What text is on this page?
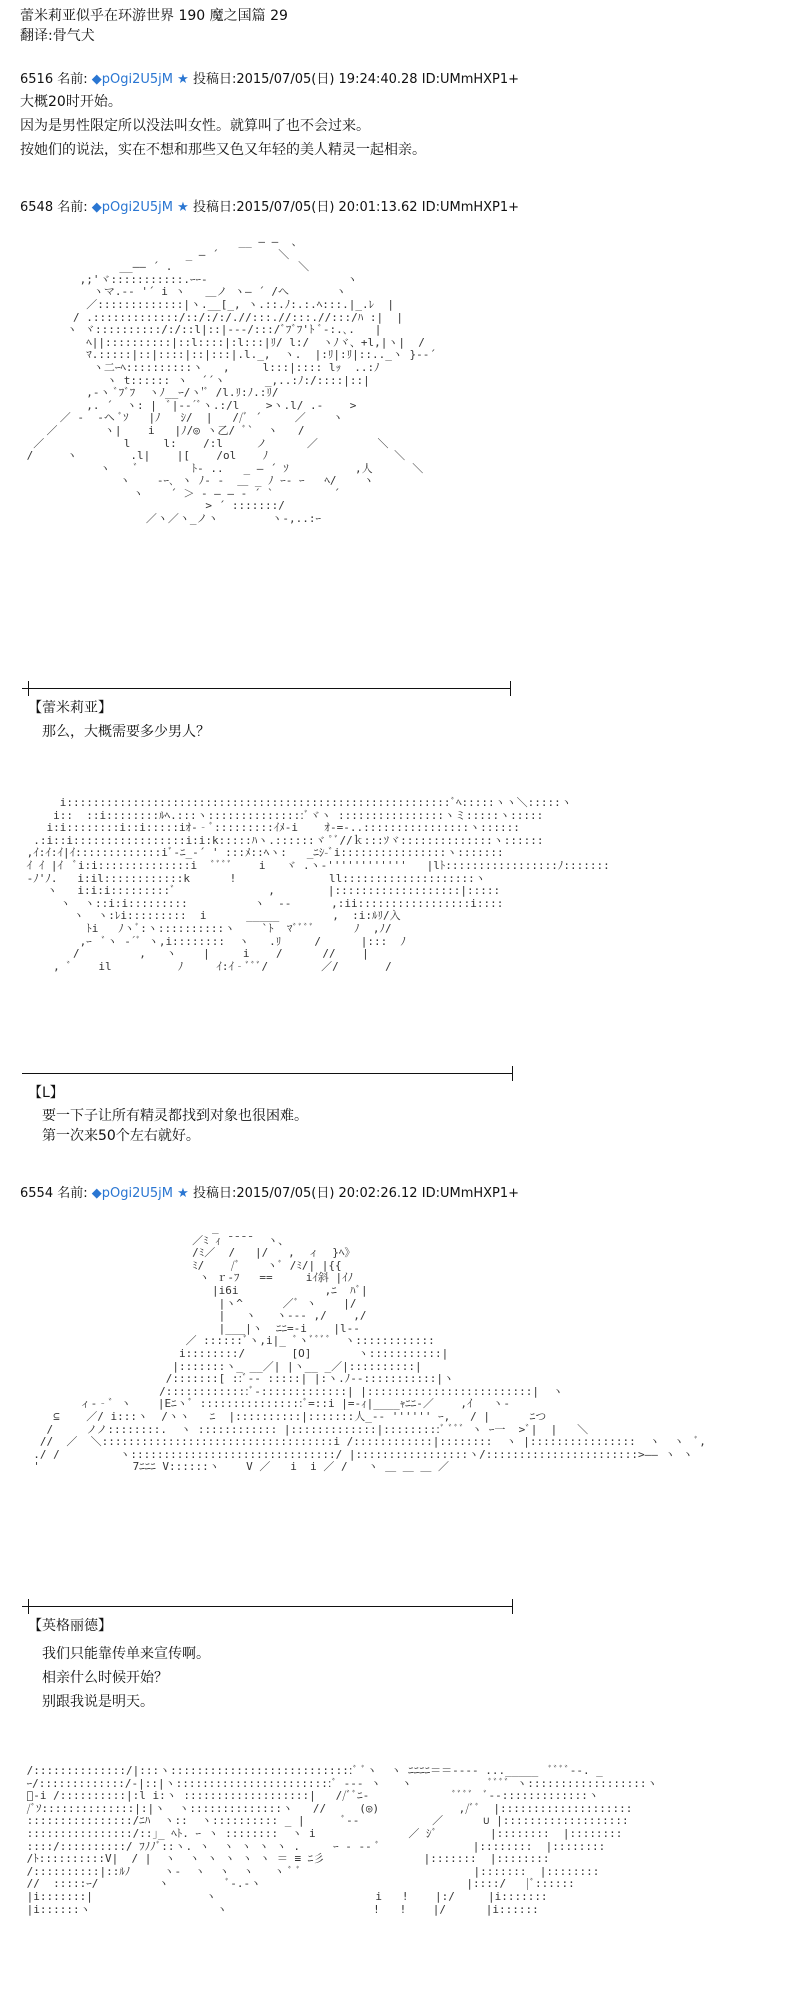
蕾米莉亚似乎在环游世界 190 魔之国篇 29
翻译:骨气犬
6516 名前: ◆pOgi2U5jM ★ 投稿日:2015/07/05(日) 19:24:40.28 ID:UMmHXP1+
大概20时开始。
因为是男性限定所以没法叫女性。就算叫了也不会过来。
按她们的说法，实在不想和那些又色又年轻的美人精灵一起相亲。
6548 名前: ◆pOgi2U5jM ★ 投稿日:2015/07/05(日) 20:01:13.62 ID:UMmHXP1+
__ ― ―  、
_ ― ´         ＼
__―― ´ .                   ＼
,;'ヾ:::::::::::.ｰｰ-                     ヽ
ヽマ.-‐ '´ i ヽ   ＿ノ ヽ― ´ /へ       ヽ
／:::::::::::::|ヽ.__[_, ヽ.::.ﾉ:.:.ﾍ:::.|_.ﾚ  |
/ .:::::::::::::/::/:/:/.//:::.//:::.//:::/ﾊ :|  |
ヽ ヾ::::::::::/:/::l|::|-‐-/:::/ﾞﾌﾞﾌ'ﾄ ﾞ-:.､.   |
ﾍ||::::::::::|::l::::|:l:::|ﾘ/ l:/  ヽﾉヾ、+l,|ヽ|  /
ﾏ.:::::|::|::::|::|:::|.l._,  ヽ.  |:ﾘ|:ﾘ|::.._ヽ }-‐´
ヽ二ｰﾍ::::::::::ヽ   ,     l:::|:::: lｯ  ..:ﾉ
ヽ t:::::: ヽ  ´´ヽ      _,..:ﾉ:/::::|::|
,‐ヽ ﾞﾌﾞﾌ  ヽﾉ__ｰ/ヽ'ﾞ /l.ﾘ:ﾉ.:ﾘ/
,. ´  ヽ: |  ﾞ|-‐´ﾞヽ.:/l    >ヽ.l/ .-    >
／ ‐  ‐ヘ ﾞｿ   |ﾉ   ｼ/  |   //ﾞ ´     ／    ヽ
／       ヽ|    i   |ﾉ/◎ ヽ乙/ ﾞ`  ヽ   /
／            l     l:    /:l     ノ      ／         ＼
/     ヽ        .l|    |[    /ol    ﾉ                   ＼
ヽ    ﾞ        ﾄ- ..   _ ― ´ ｿ          ,人      ＼
ヽ    -ｰ､ ヽ ﾉ- -  ＿ _ ﾉ ｰ‐ ｰ   ﾍ/    ヽ
ヽ    ´ ＞ ‐ ― ― ‐ ´ `         ´
> ´ :::::::/
／ヽ／ヽ_ノヽ        ヽ-,..:ｰ

【蕾米莉亚】
那么，大概需要多少男人？
i::::::::::::::::::::::::::::::::::::::::::::::::::::::::::ﾞﾍ:::::ヽヽ＼:::::ヽ
i::  ::i::::::::ﾙﾍ.:::ヽ:::::::::::::::ﾞヾヽ ::::::::::::::::ヽミ:::::ヽ:::::
i:i::::::::i::i:::::iｵ-‐ﾞ:::::::::ｲﾒ-i    ｵ-=-..::::::::::::::::ヽ::::::
.:i::i:::::::::::::::::i:i:k:::::ﾊヽ.::::::ヾ ﾟﾞ//ｋ:::ｿヾ::::::::::::::ヽ::::::
,ｲ:ｲ:ｲ|ｲ:::::::::::::iﾞ‐ﾆ_‐´ ' :::ﾒ::ﾍヽ:   _ﾆｼ-ﾞi::::::::::::::::ヽ:::::::
ｲ ｲ |ｲ  ﾞi:i::::::::::::::i  ﾞﾞﾞﾞ    i   ヾ .ヽ-''''''''''''   |lﾄ:::::::::::::::::ﾉ:::::::
‐ﾉ'ﾉ.   i:il::::::::::::k      !              ll::::::::::::::::::::ヽ
ヽ   i:i:i:::::::::ﾞ              ,        |:::::::::::::::::::|:::::
ヽ  ヽ::i:i:::::::::          ヽ  ‐-      ,:ii:::::::::::::::::i::::
ヽ  ヽ:ﾚi:::::::::  i      _____        ,  :i:ﾙﾘ/入
ﾄi   ﾉヽﾞ:ヽ::::::::::ヽ    `ﾄ  ﾏﾞﾞﾞﾞ      ﾉ  ,ﾉ/
,ｰ  ﾞヽ ‐´ﾞ ヽ,i::::::::  ヽ   .ﾘ     /      |:::  ﾉ
/         ,   ヽ    |     i    /      //    |
, ﾞ    il          ﾉ     ｲ:ｲ‐ﾞﾞﾞ/        ／/       /

【L】
要一下子让所有精灵都找到对象也很困难。
第一次来50个左右就好。
6554 名前: ◆pOgi2U5jM ★ 投稿日:2015/07/05(日) 20:02:26.12 ID:UMmHXP1+
_
／ﾐ ｨ ̄ ̄ ̄ ̄   ヽ、
/ﾐ／  /   |/   ,  ィ  }ﾍ》
ﾐ/    /ﾞ    ヽﾞ /ﾐ/| |{{
ヽ ｒ-ﾌ   ==     iｲ斜 |ｲﾉ
|i6i             ,ﾆ  ﾊﾞ|
|ヽ^      ／ﾞ ヽ    |/
|   ヽ   ヽ‐-‐ ,/    ,/
|___|ヽ  ﾆﾆ=-i    |l-‐
／ ::::::ﾞヽ,i|_ ﾞヽﾞﾞﾞﾞ  ヽ::::::::::::
i::::::::/       [O]       ヽ:::::::::::|
|:::::::ヽ_ __／| |ヽ__ _／|::::::::::|
/:::::::[ ::ﾞ-‐ :::::| |:ヽ.ﾉ-‐:::::::::::|ヽ
/:::::::::::::ﾞ‐:::::::::::::| |:::::::::::::::::::::::::|  ヽ
ィ-‐ﾞ ヽ    |Eﾆヽﾞ ::::::::::::::::ﾞ=::i |=-ｨ|____ｬﾆﾆ-／    ,ｲ   ヽ‐
⊆    ／/ i:::ヽ  /ヽヽ   ﾆ  |::::::::::|:::::::人_‐‐ '''''' ｰ,   / |      ﾆつ
/     ノノ::::::::.  ヽ :::::::::::: |:::::::::::::|:::::::::ﾞ ﾞﾞﾞ ヽ ｰ一  >ﾞ|  |   ＼
//  ／  ＼:::::::::::::::::::::::::::::::::::i /::::::::::::|::::::::  ヽ |::::::::::::::::  ヽ  ヽ  ﾞ,
./ /         ヽ:::::::::::::::::::::::::::::::/ |:::::::::::::::::ヽ/:::::::::::::::::::::::>―― ヽ ヽ
'              7ﾆﾆﾆ V::::::ヽ    V ／   i  i ／ /   ヽ ＿ ＿ ＿ ／

【英格丽德】
我们只能靠传单来宣传啊。
相亲什么时候开始？
别跟我说是明天。
/::::::::::::::/|:::ヽ::::::::::::::::::::::::::::ﾞ ﾞヽ  ヽ ﾆﾆﾆﾆ＝＝‐‐‐‐ ..._____  ﾞﾞﾞﾞ‐-. _
ｰ/:::::::::::::/-|::|ヽ::::::::::::::::::::::::ﾞ ‐‐- ヽ   ヽ            ﾞﾞﾞﾞ ヽ::::::::::::::::::ヽ
ﾞ‐i /::::::::::|:l i:ヽ :::::::::::::::::::|   //ﾞﾞﾆ‐             ﾞﾞﾞﾞ  ﾞ-‐:::::::::::::ヽ
/ﾞｿ::::::::::::::|:|ヽ  ヽ::::::::::::::ヽ   //     (◎)            ,/ﾞﾞ  |::::::::::::::::::::
::::::::::::::::/ﾆﾊ  ヽ::  ヽ:::::::::: _ |      ﾞ-‐           ／      ∪ |:::::::::::::::::::
::::::::::::::::/::｣_ ﾍﾄ. ｰ ヽ ::::::::  ヽ i              ／ ｼﾞ        |::::::::  |::::::::
::::/::::::::::/ ﾌﾉﾉﾞ::ヽ. ヽ  ヽ ヽ ヽ ヽ .     ｰ ‐ ‐‐ ﾞ              |::::::::  |::::::::
/ﾄ::::::::::V|  / |  ヽ  ヽ ヽ ヽ ヽ ヽ ＝ ≡ ﾆ彡               |:::::::  |::::::::
/::::::::::|::ﾙﾉ     ヽ‐  ヽ  ヽ  ヽ   ヽ ﾞ ﾞ                          |:::::::  |::::::::
//  :::::ｰ/         ヽ         ﾞ‐.-ヽ                               |::::/   |ﾞ::::::
|i:::::::|                 ヽ                        i   !    |:/     |i:::::::
|i::::::ヽ                   ヽ                      !   !    |/      |i::::::
